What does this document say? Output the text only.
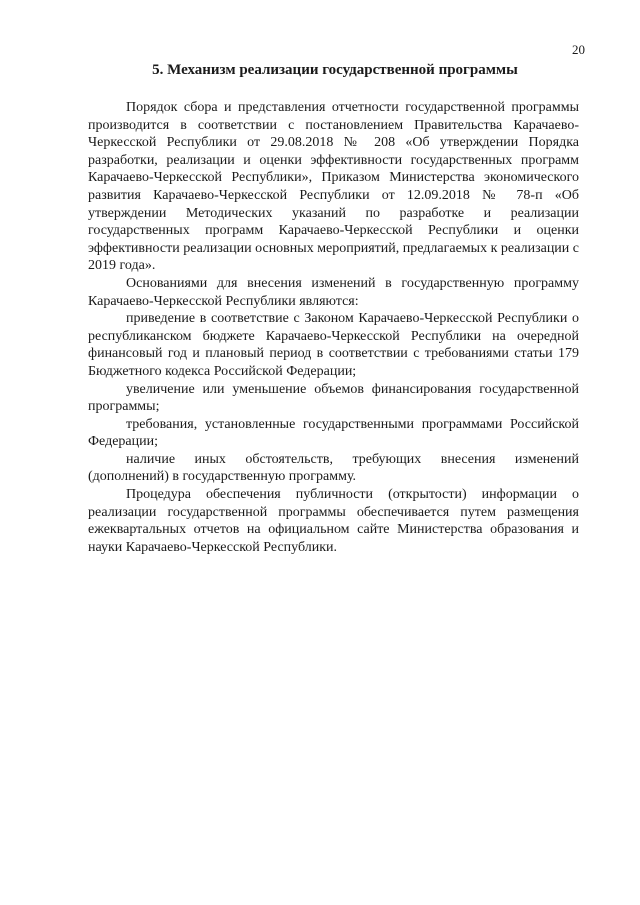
20
5. Механизм реализации государственной программы

Порядок сбора и представления отчетности государственной программы производится в соответствии с постановлением Правительства Карачаево-Черкесской Республики от 29.08.2018 № 208 «Об утверждении Порядка разработки, реализации и оценки эффективности государственных программ Карачаево-Черкесской Республики», Приказом Министерства экономического развития Карачаево-Черкесской Республики от 12.09.2018 № 78-п «Об утверждении Методических указаний по разработке и реализации государственных программ Карачаево-Черкесской Республики и оценки эффективности реализации основных мероприятий, предлагаемых к реализации с 2019 года».

Основаниями для внесения изменений в государственную программу Карачаево-Черкесской Республики являются:

приведение в соответствие с Законом Карачаево-Черкесской Республики о республиканском бюджете Карачаево-Черкесской Республики на очередной финансовый год и плановый период в соответствии с требованиями статьи 179 Бюджетного кодекса Российской Федерации;

увеличение или уменьшение объемов финансирования государственной программы;

требования, установленные государственными программами Российской Федерации;

наличие иных обстоятельств, требующих внесения изменений (дополнений) в государственную программу.

Процедура обеспечения публичности (открытости) информации о реализации государственной программы обеспечивается путем размещения ежеквартальных отчетов на официальном сайте Министерства образования и науки Карачаево-Черкесской Республики.
